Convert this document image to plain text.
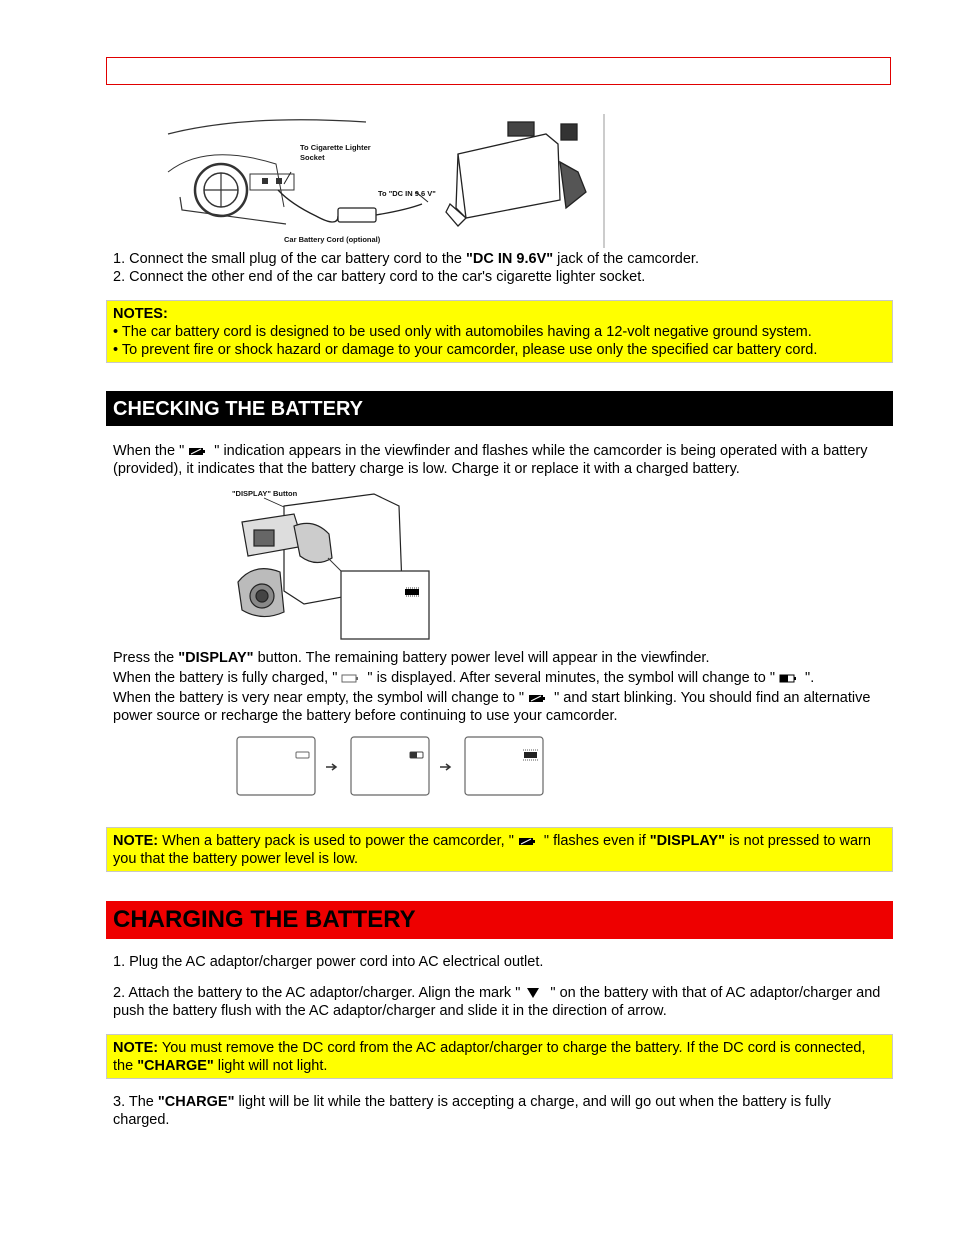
To Cigarette Lighter
Socket
To "DC IN 9.6 V"
Car Battery Cord (optional)
1. Connect the small plug of the car battery cord to the "DC IN 9.6V" jack of the camcorder.
2. Connect the other end of the car battery cord to the car's cigarette lighter socket.
NOTES:
• The car battery cord is designed to be used only with automobiles having a 12-volt negative ground system.
• To prevent fire or shock hazard or damage to your camcorder, please use only the specified car battery cord.
CHECKING THE BATTERY
When the " " indication appears in the viewfinder and flashes while the camcorder is being operated with a battery (provided), it indicates that the battery charge is low. Charge it or replace it with a charged battery.
"DISPLAY" Button
Press the "DISPLAY" button. The remaining battery power level will appear in the viewfinder.
When the battery is fully charged, " " is displayed. After several minutes, the symbol will change to " ".
When the battery is very near empty, the symbol will change to " " and start blinking. You should find an alternative power source or recharge the battery before continuing to use your camcorder.
NOTE: When a battery pack is used to power the camcorder, " " flashes even if "DISPLAY" is not pressed to warn you that the battery power level is low.
CHARGING THE BATTERY
1. Plug the AC adaptor/charger power cord into AC electrical outlet.
2. Attach the battery to the AC adaptor/charger. Align the mark " " on the battery with that of AC adaptor/charger and push the battery flush with the AC adaptor/charger and slide it in the direction of arrow.
NOTE: You must remove the DC cord from the AC adaptor/charger to charge the battery. If the DC cord is connected, the "CHARGE" light will not light.
3. The "CHARGE" light will be lit while the battery is accepting a charge, and will go out when the battery is fully charged.
